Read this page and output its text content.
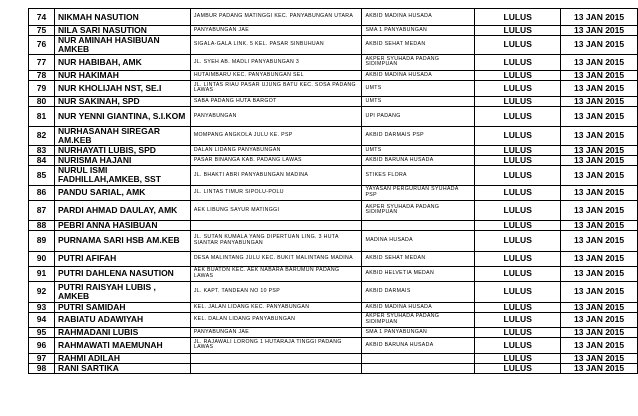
74	NIKMAH NASUTION	JAMBUR PADANG MATINGGI KEC. PANYABUNGAN UTARA	AKBID MADINA HUSADA	LULUS	13 JAN 2015
75	NILA SARI NASUTION	PANYABUNGAN JAE	SMA 1 PANYABUNGAN	LULUS	13 JAN 2015
76	NUR AMINAH HASIBUAN AMKEB	SIGALA-GALA LINK. 5 KEL. PASAR SINBUHUAN	AKBID SEHAT MEDAN	LULUS	13 JAN 2015
77	NUR HABIBAH, AMK	JL. SYEH AB. MADLI PANYABUNGAN 3	AKPER SYUHADA PADANG SIDIMPUAN	LULUS	13 JAN 2015
78	NUR HAKIMAH	HUTAIMBARU KEC. PANYABUNGAN SEL	AKBID MADINA HUSADA	LULUS	13 JAN 2015
79	NUR KHOLIJAH NST, SE.I	JL. LINTAS RIAU PASAR UJUNG BATU KEC. SOSA PADANG LAWAS	UMTS	LULUS	13 JAN 2015
80	NUR SAKINAH, SPD	SABA PADANG HUTA BARGOT	UMTS	LULUS	13 JAN 2015
81	NUR YENNI GIANTINA, S.I.KOM	PANYABUNGAN	UPI PADANG	LULUS	13 JAN 2015
82	NURHASANAH SIREGAR AM.KEB	MOMPANG ANGKOLA JULU KE. PSP	AKBID DARMAIS PSP	LULUS	13 JAN 2015
83	NURHAYATI LUBIS, SPD	DALAN LIDANG PANYABUNGAN	UMTS	LULUS	13 JAN 2015
84	NURISMA HAJANI	PASAR BINANGA KAB. PADANG LAWAS	AKBID BARUNA HUSADA	LULUS	13 JAN 2015
85	NURUL ISMI FADHILLAH,AMKEB, SST	JL. BHAKTI ABRI PANYABUNGAN MADINA	STIKES FLORA	LULUS	13 JAN 2015
86	PANDU SARIAL, AMK	JL. LINTAS TIMUR SIPOLU-POLU	YAYASAN PERGURUAN SYUHADA PSP	LULUS	13 JAN 2015
87	PARDI AHMAD DAULAY, AMK	AEK LIBUNG SAYUR MATINGGI	AKPER SYUHADA PADANG SIDIMPUAN	LULUS	13 JAN 2015
88	PEBRI ANNA HASIBUAN			LULUS	13 JAN 2015
89	PURNAMA SARI HSB AM.KEB	JL. SUTAN KUMALA YANG DIPERTUAN LING. 3 HUTA SIANTAR PANYABUNGAN	MADINA HUSADA	LULUS	13 JAN 2015
90	PUTRI AFIFAH	DESA MALINTANG JULU KEC. BUKIT MALINTANG MADINA	AKBID SEHAT MEDAN	LULUS	13 JAN 2015
91	PUTRI DAHLENA NASUTION	AEK BUATON KEC. AEK NABARA BARUMUN PADANG LAWAS	AKBID HELVETIA MEDAN	LULUS	13 JAN 2015
92	PUTRI RAISYAH LUBIS , AMKEB	JL. KAPT. TANDEAN NO 10 PSP	AKBID DARMAIS	LULUS	13 JAN 2015
93	PUTRI SAMIDAH	KEL. JALAN LIDANG KEC. PANYABUNGAN	AKBID MADINA HUSADA	LULUS	13 JAN 2015
94	RABIATU ADAWIYAH	KEL. DALAN LIDANG PANYABUNGAN	AKPER SYUHADA PADANG SIDIMPUAN	LULUS	13 JAN 2015
95	RAHMADANI LUBIS	PANYABUNGAN JAE	SMA 1 PANYABUNGAN	LULUS	13 JAN 2015
96	RAHMAWATI MAEMUNAH	JL. RAJAWALI LORONG 1 HUTARAJA TINGGI PADANG LAWAS	AKBID BARUNA HUSADA	LULUS	13 JAN 2015
97	RAHMI ADILAH			LULUS	13 JAN 2015
98	RANI SARTIKA			LULUS	13 JAN 2015
